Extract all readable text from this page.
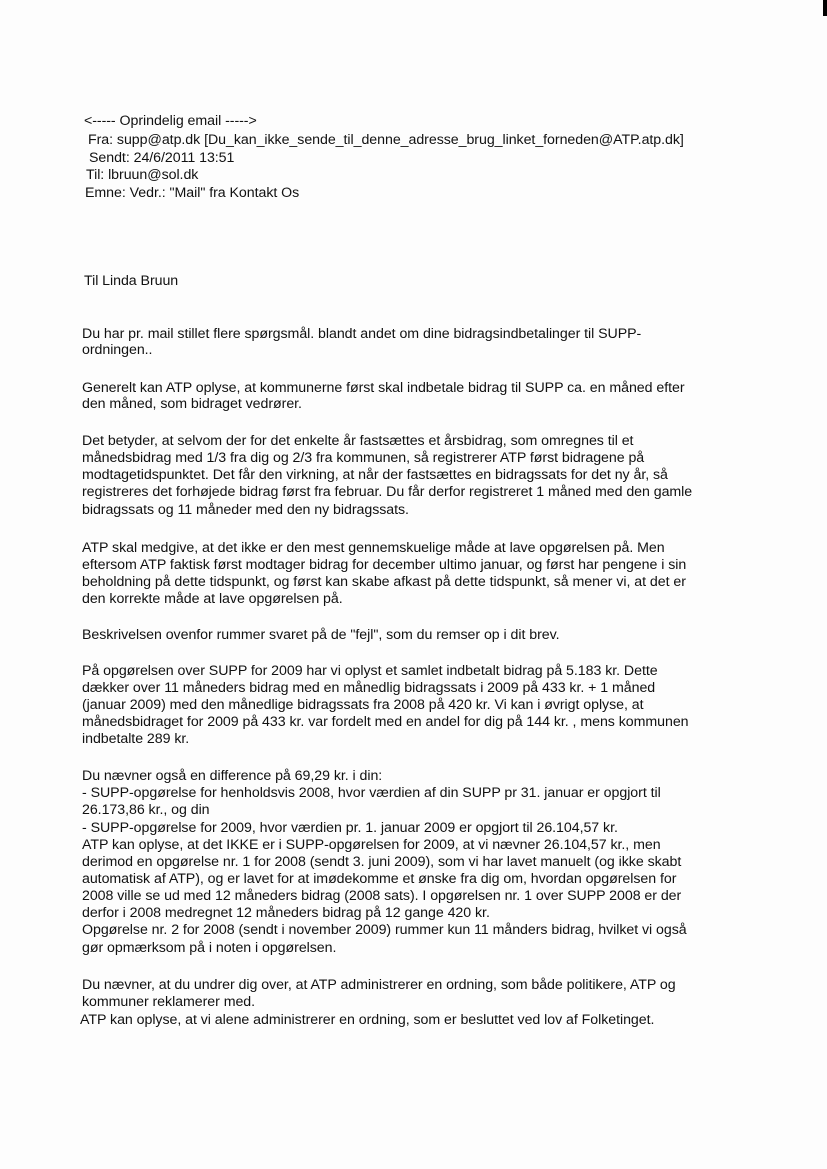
<----- Oprindelig email ----->
Fra: supp@atp.dk [Du_kan_ikke_sende_til_denne_adresse_brug_linket_forneden@ATP.atp.dk]
Sendt: 24/6/2011 13:51
Til: lbruun@sol.dk
Emne: Vedr.: "Mail" fra Kontakt Os
Til Linda Bruun
Du har pr. mail stillet flere spørgsmål. blandt andet om dine bidragsindbetalinger til SUPP-
ordningen..
Generelt kan ATP oplyse, at kommunerne først skal indbetale bidrag til SUPP ca. en måned efter
den måned, som bidraget vedrører.
Det betyder, at selvom der for det enkelte år fastsættes et årsbidrag, som omregnes til et
månedsbidrag med 1/3 fra dig og 2/3 fra kommunen, så registrerer ATP først bidragene på
modtagetidspunktet. Det får den virkning, at når der fastsættes en bidragssats for det ny år, så
registreres det forhøjede bidrag først fra februar. Du får derfor registreret 1 måned med den gamle
bidragssats og 11 måneder med den ny bidragssats.
ATP skal medgive, at det ikke er den mest gennemskuelige måde at lave opgørelsen på. Men
eftersom ATP faktisk først modtager bidrag for december ultimo januar, og først har pengene i sin
beholdning på dette tidspunkt, og først kan skabe afkast på dette tidspunkt, så mener vi, at det er
den korrekte måde at lave opgørelsen på.
Beskrivelsen ovenfor rummer svaret på de "fejl", som du remser op i dit brev.
På opgørelsen over SUPP for 2009 har vi oplyst et samlet indbetalt bidrag på 5.183 kr. Dette
dækker over 11 måneders bidrag med en månedlig bidragssats i 2009 på 433 kr. + 1 måned
(januar 2009) med den månedlige bidragssats fra 2008 på 420 kr. Vi kan i øvrigt oplyse, at
månedsbidraget for 2009 på 433 kr. var fordelt med en andel for dig på 144 kr. , mens kommunen
indbetalte 289 kr.
Du nævner også en difference på 69,29 kr. i din:
- SUPP-opgørelse for henholdsvis 2008, hvor værdien af din SUPP pr 31. januar er opgjort til
26.173,86 kr., og din
- SUPP-opgørelse for 2009, hvor værdien pr. 1. januar 2009 er opgjort til 26.104,57 kr.
ATP kan oplyse, at det IKKE er i SUPP-opgørelsen for 2009, at vi nævner 26.104,57 kr., men
derimod en opgørelse nr. 1 for 2008 (sendt 3. juni 2009), som vi har lavet manuelt (og ikke skabt
automatisk af ATP), og er lavet for at imødekomme et ønske fra dig om, hvordan opgørelsen for
2008 ville se ud med 12 måneders bidrag (2008 sats). I opgørelsen nr. 1 over SUPP 2008 er der
derfor i 2008 medregnet 12 måneders bidrag på 12 gange 420 kr.
Opgørelse nr. 2 for 2008 (sendt i november 2009) rummer kun 11 månders bidrag, hvilket vi også
gør opmærksom på i noten i opgørelsen.
Du nævner, at du undrer dig over, at ATP administrerer en ordning, som både politikere, ATP og
kommuner reklamerer med.
ATP kan oplyse, at vi alene administrerer en ordning, som er besluttet ved lov af Folketinget.
